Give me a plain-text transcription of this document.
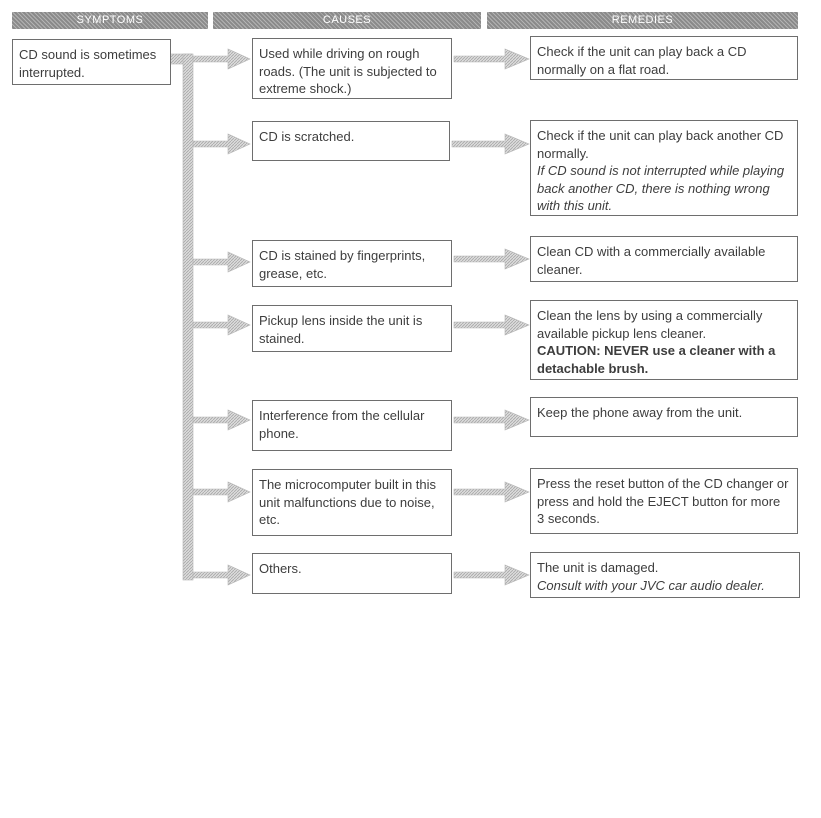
SYMPTOMS	CAUSES	REMEDIES
CD sound is sometimes interrupted.
Used while driving on rough roads. (The unit is subjected to extreme shock.)
CD is scratched.
CD is stained by fingerprints, grease, etc.
Pickup lens inside the unit is stained.
Interference from the cellular phone.
The microcomputer built in this unit malfunctions due to noise, etc.
Others.
Check if the unit can play back a CD normally on a flat road.
Check if the unit can play back another CD normally.
If CD sound is not interrupted while playing back another CD, there is nothing wrong with this unit.
Clean CD with a commercially available cleaner.
Clean the lens by using a commercially available pickup lens cleaner.
CAUTION: NEVER use a cleaner with a detachable brush.
Keep the phone away from the unit.
Press the reset button of the CD changer or press and hold the EJECT button for more 3 seconds.
The unit is damaged.
Consult with your JVC car audio dealer.
